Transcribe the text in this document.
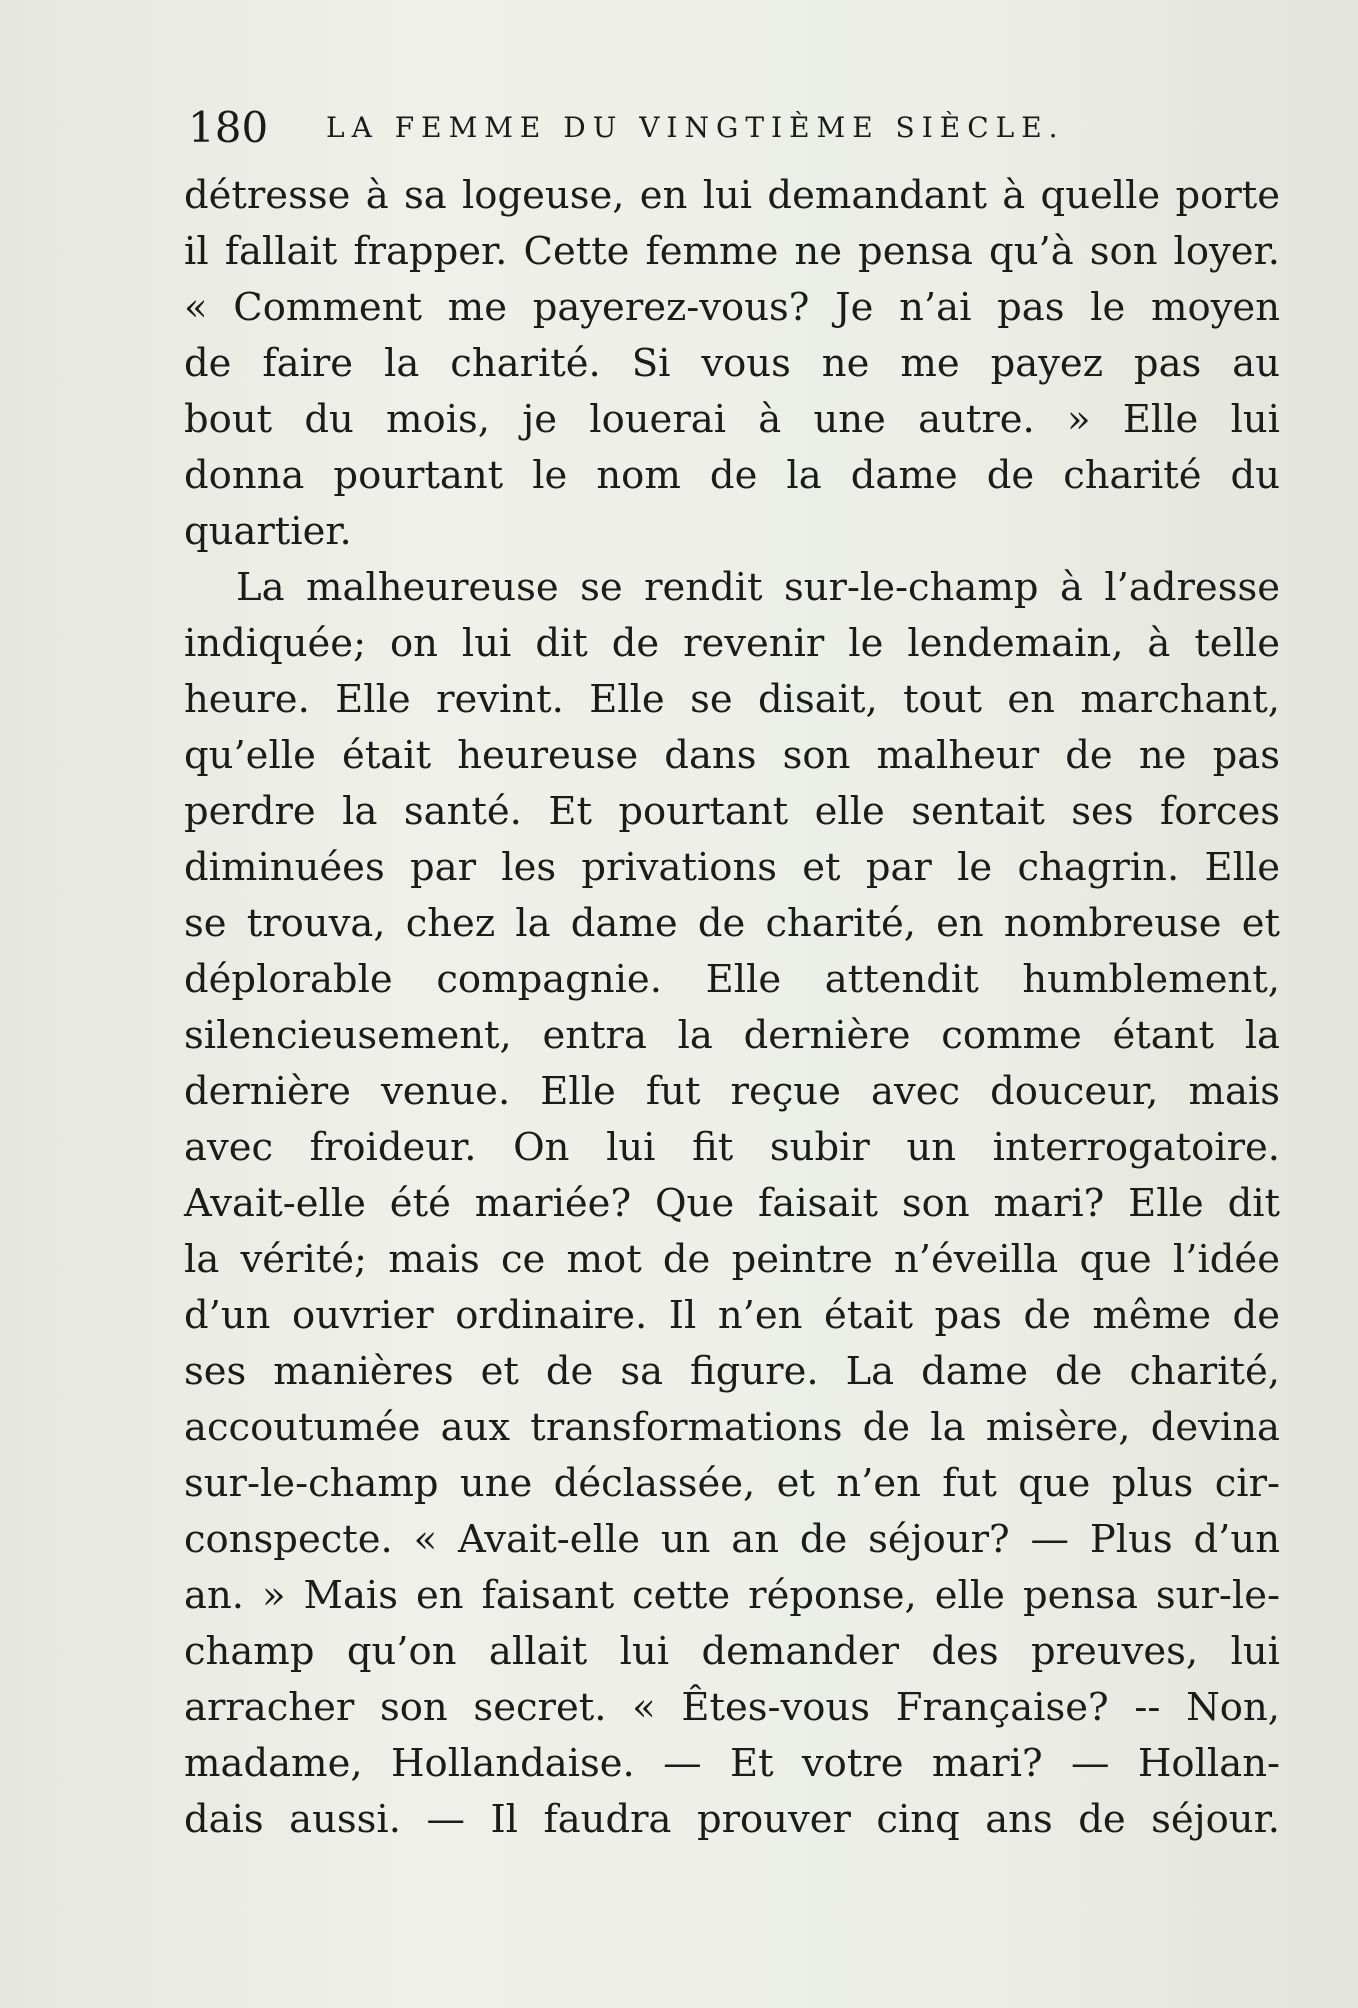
180 LA FEMME DU VINGTIÈME SIÈCLE.
détresse à sa logeuse, en lui demandant à quelle porte
il fallait frapper. Cette femme ne pensa qu’à son loyer.
« Comment me payerez-vous? Je n’ai pas le moyen
de faire la charité. Si vous ne me payez pas au
bout du mois, je louerai à une autre. » Elle lui
donna pourtant le nom de la dame de charité du
quartier.
La malheureuse se rendit sur-le-champ à l’adresse
indiquée; on lui dit de revenir le lendemain, à telle
heure. Elle revint. Elle se disait, tout en marchant,
qu’elle était heureuse dans son malheur de ne pas
perdre la santé. Et pourtant elle sentait ses forces
diminuées par les privations et par le chagrin. Elle
se trouva, chez la dame de charité, en nombreuse et
déplorable compagnie. Elle attendit humblement,
silencieusement, entra la dernière comme étant la
dernière venue. Elle fut reçue avec douceur, mais
avec froideur. On lui fit subir un interrogatoire.
Avait-elle été mariée? Que faisait son mari? Elle dit
la vérité; mais ce mot de peintre n’éveilla que l’idée
d’un ouvrier ordinaire. Il n’en était pas de même de
ses manières et de sa figure. La dame de charité,
accoutumée aux transformations de la misère, devina
sur-le-champ une déclassée, et n’en fut que plus cir-
conspecte. « Avait-elle un an de séjour? — Plus d’un
an. » Mais en faisant cette réponse, elle pensa sur-le-
champ qu’on allait lui demander des preuves, lui
arracher son secret. « Êtes-vous Française? -- Non,
madame, Hollandaise. — Et votre mari? — Hollan-
dais aussi. — Il faudra prouver cinq ans de séjour.
